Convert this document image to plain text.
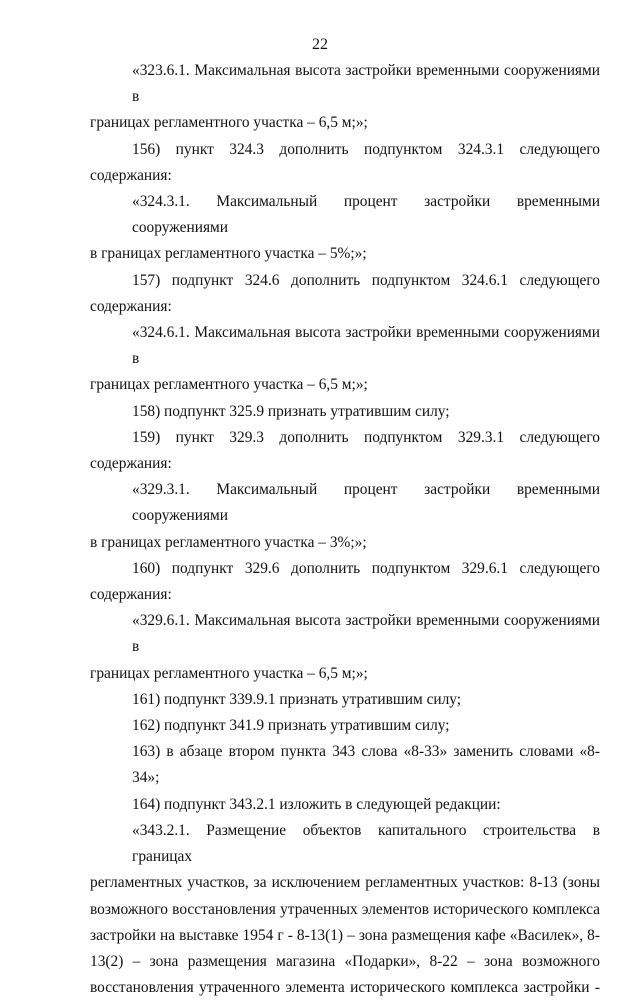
22
«323.6.1. Максимальная высота застройки временными сооружениями в
границах регламентного участка – 6,5 м;»;
156) пункт 324.3 дополнить подпунктом 324.3.1 следующего
содержания:
«324.3.1. Максимальный процент застройки временными сооружениями
в границах регламентного участка – 5%;»;
157) подпункт 324.6 дополнить подпунктом 324.6.1 следующего
содержания:
«324.6.1. Максимальная высота застройки временными сооружениями в
границах регламентного участка – 6,5 м;»;
158) подпункт 325.9 признать утратившим силу;
159) пункт 329.3 дополнить подпунктом 329.3.1 следующего
содержания:
«329.3.1. Максимальный процент застройки временными сооружениями
в границах регламентного участка – 3%;»;
160) подпункт 329.6 дополнить подпунктом 329.6.1 следующего
содержания:
«329.6.1. Максимальная высота застройки временными сооружениями в
границах регламентного участка – 6,5 м;»;
161) подпункт 339.9.1 признать утратившим силу;
162) подпункт 341.9 признать утратившим силу;
163) в абзаце втором пункта 343 слова «8-33» заменить словами «8-34»;
164) подпункт 343.2.1 изложить в следующей редакции:
«343.2.1. Размещение объектов капитального строительства в границах
регламентных участков, за исключением регламентных участков: 8-13 (зоны
возможного восстановления утраченных элементов исторического комплекса
застройки на выставке 1954 г - 8-13(1) – зона размещения кафе «Василек», 8-
13(2) – зона размещения магазина «Подарки», 8-22 – зона возможного
восстановления утраченного элемента исторического комплекса застройки -
